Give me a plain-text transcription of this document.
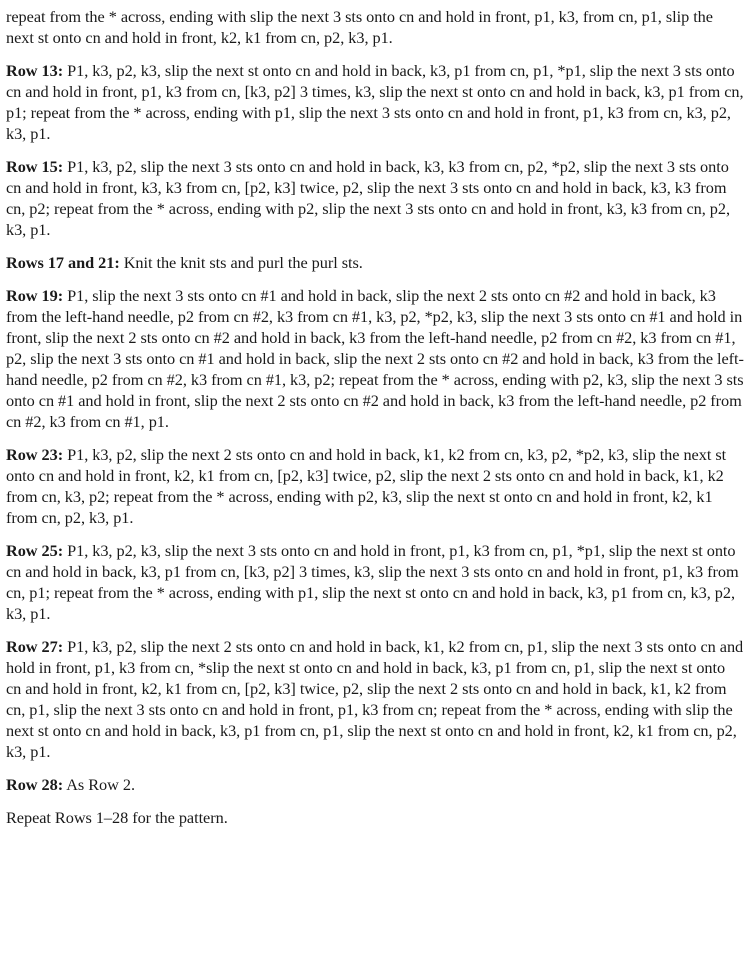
repeat from the * across, ending with slip the next 3 sts onto cn and hold in front, p1, k3, from cn, p1, slip the next st onto cn and hold in front, k2, k1 from cn, p2, k3, p1.

Row 13: P1, k3, p2, k3, slip the next st onto cn and hold in back, k3, p1 from cn, p1, *p1, slip the next 3 sts onto cn and hold in front, p1, k3 from cn, [k3, p2] 3 times, k3, slip the next st onto cn and hold in back, k3, p1 from cn, p1; repeat from the * across, ending with p1, slip the next 3 sts onto cn and hold in front, p1, k3 from cn, k3, p2, k3, p1.

Row 15: P1, k3, p2, slip the next 3 sts onto cn and hold in back, k3, k3 from cn, p2, *p2, slip the next 3 sts onto cn and hold in front, k3, k3 from cn, [p2, k3] twice, p2, slip the next 3 sts onto cn and hold in back, k3, k3 from cn, p2; repeat from the * across, ending with p2, slip the next 3 sts onto cn and hold in front, k3, k3 from cn, p2, k3, p1.

Rows 17 and 21: Knit the knit sts and purl the purl sts.

Row 19: P1, slip the next 3 sts onto cn #1 and hold in back, slip the next 2 sts onto cn #2 and hold in back, k3 from the left-hand needle, p2 from cn #2, k3 from cn #1, k3, p2, *p2, k3, slip the next 3 sts onto cn #1 and hold in front, slip the next 2 sts onto cn #2 and hold in back, k3 from the left-hand needle, p2 from cn #2, k3 from cn #1, p2, slip the next 3 sts onto cn #1 and hold in back, slip the next 2 sts onto cn #2 and hold in back, k3 from the left-hand needle, p2 from cn #2, k3 from cn #1, k3, p2; repeat from the * across, ending with p2, k3, slip the next 3 sts onto cn #1 and hold in front, slip the next 2 sts onto cn #2 and hold in back, k3 from the left-hand needle, p2 from cn #2, k3 from cn #1, p1.

Row 23: P1, k3, p2, slip the next 2 sts onto cn and hold in back, k1, k2 from cn, k3, p2, *p2, k3, slip the next st onto cn and hold in front, k2, k1 from cn, [p2, k3] twice, p2, slip the next 2 sts onto cn and hold in back, k1, k2 from cn, k3, p2; repeat from the * across, ending with p2, k3, slip the next st onto cn and hold in front, k2, k1 from cn, p2, k3, p1.

Row 25: P1, k3, p2, k3, slip the next 3 sts onto cn and hold in front, p1, k3 from cn, p1, *p1, slip the next st onto cn and hold in back, k3, p1 from cn, [k3, p2] 3 times, k3, slip the next 3 sts onto cn and hold in front, p1, k3 from cn, p1; repeat from the * across, ending with p1, slip the next st onto cn and hold in back, k3, p1 from cn, k3, p2, k3, p1.

Row 27: P1, k3, p2, slip the next 2 sts onto cn and hold in back, k1, k2 from cn, p1, slip the next 3 sts onto cn and hold in front, p1, k3 from cn, *slip the next st onto cn and hold in back, k3, p1 from cn, p1, slip the next st onto cn and hold in front, k2, k1 from cn, [p2, k3] twice, p2, slip the next 2 sts onto cn and hold in back, k1, k2 from cn, p1, slip the next 3 sts onto cn and hold in front, p1, k3 from cn; repeat from the * across, ending with slip the next st onto cn and hold in back, k3, p1 from cn, p1, slip the next st onto cn and hold in front, k2, k1 from cn, p2, k3, p1.

Row 28: As Row 2.

Repeat Rows 1–28 for the pattern.
